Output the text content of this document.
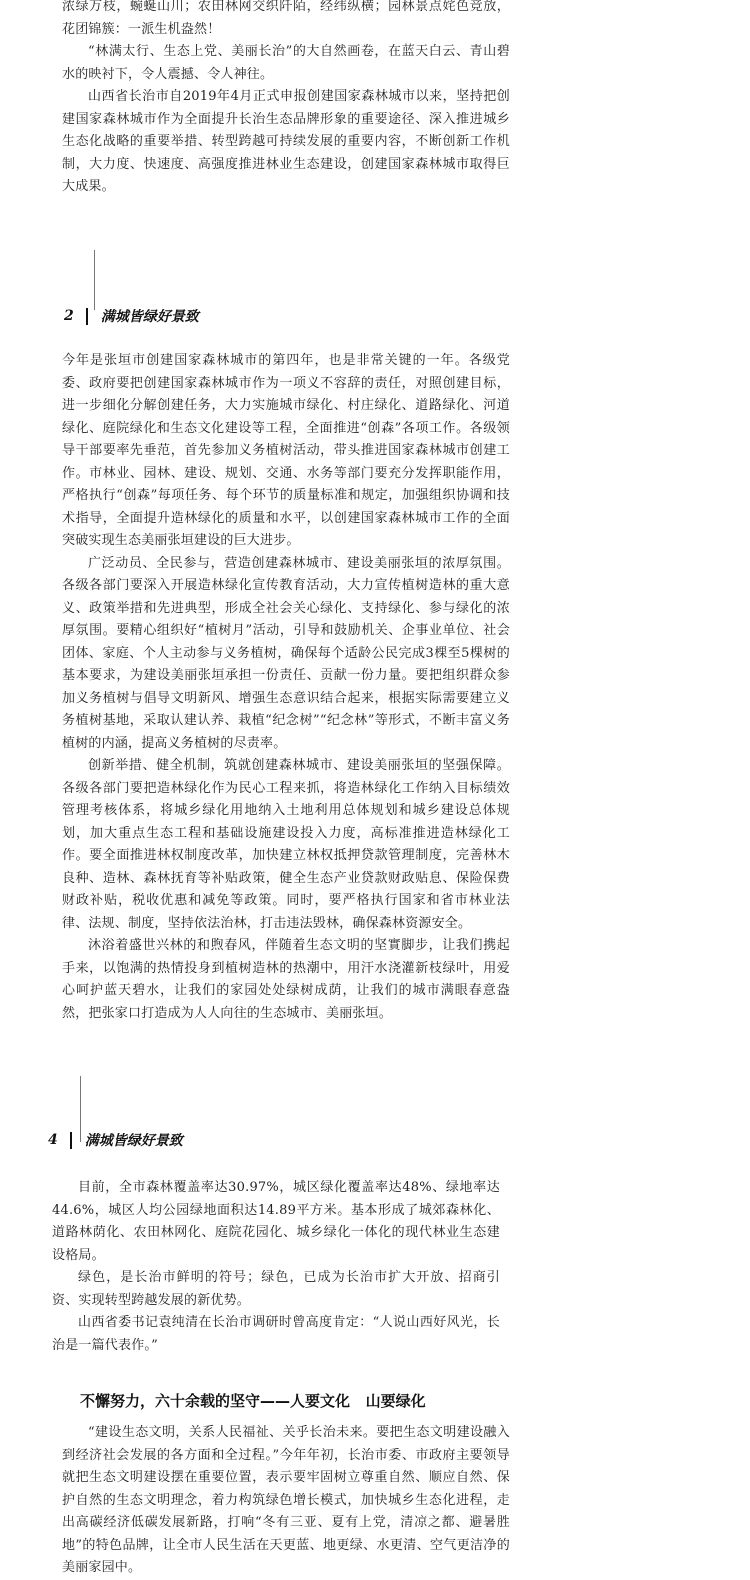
浓绿万枝，蜿蜒山川；农田林网交织阡陌，经纬纵横；园林景点姹色竞放，花团锦簇：一派生机盎然！

“林满太行、生态上党、美丽长治”的大自然画卷，在蓝天白云、青山碧水的映衬下，令人震撼、令人神往。

山西省长治市自2019年4月正式申报创建国家森林城市以来，坚持把创建国家森林城市作为全面提升长治生态品牌形象的重要途径、深入推进城乡生态化战略的重要举措、转型跨越可持续发展的重要内容，不断创新工作机制，大力度、快速度、高强度推进林业生态建设，创建国家森林城市取得巨大成果。

2 满城皆绿好景致

今年是张垣市创建国家森林城市的第四年，也是非常关键的一年。各级党委、政府要把创建国家森林城市作为一项义不容辞的责任，对照创建目标，进一步细化分解创建任务，大力实施城市绿化、村庄绿化、道路绿化、河道绿化、庭院绿化和生态文化建设等工程，全面推进“创森”各项工作。各级领导干部要率先垂范，首先参加义务植树活动，带头推进国家森林城市创建工作。市林业、园林、建设、规划、交通、水务等部门要充分发挥职能作用，严格执行“创森”每项任务、每个环节的质量标准和规定，加强组织协调和技术指导，全面提升造林绿化的质量和水平，以创建国家森林城市工作的全面突破实现生态美丽张垣建设的巨大进步。

广泛动员、全民参与，营造创建森林城市、建设美丽张垣的浓厚氛围。各级各部门要深入开展造林绿化宣传教育活动，大力宣传植树造林的重大意义、政策举措和先进典型，形成全社会关心绿化、支持绿化、参与绿化的浓厚氛围。要精心组织好“植树月”活动，引导和鼓励机关、企事业单位、社会团体、家庭、个人主动参与义务植树，确保每个适龄公民完成3棵至5棵树的基本要求，为建设美丽张垣承担一份责任、贡献一份力量。要把组织群众参加义务植树与倡导文明新风、增强生态意识结合起来，根据实际需要建立义务植树基地，采取认建认养、栽植“纪念树”“纪念林”等形式，不断丰富义务植树的内涵，提高义务植树的尽责率。

创新举措、健全机制，筑就创建森林城市、建设美丽张垣的坚强保障。各级各部门要把造林绿化作为民心工程来抓，将造林绿化工作纳入目标绩效管理考核体系，将城乡绿化用地纳入土地利用总体规划和城乡建设总体规划，加大重点生态工程和基础设施建设投入力度，高标准推进造林绿化工作。要全面推进林权制度改革，加快建立林权抵押贷款管理制度，完善林木良种、造林、森林抚育等补贴政策，健全生态产业贷款财政贴息、保险保费财政补贴，税收优惠和减免等政策。同时，要严格执行国家和省市林业法律、法规、制度，坚持依法治林，打击违法毁林，确保森林资源安全。

沐浴着盛世兴林的和煦春风，伴随着生态文明的坚實脚步，让我们携起手来，以饱满的热情投身到植树造林的热潮中，用汗水浇灌新枝绿叶，用爱心呵护蓝天碧水，让我们的家园处处绿树成荫，让我们的城市满眼春意盎然，把张家口打造成为人人向往的生态城市、美丽张垣。

4 满城皆绿好景致

目前，全市森林覆盖率达30.97%，城区绿化覆盖率达48%、绿地率达44.6%，城区人均公园绿地面积达14.89平方米。基本形成了城郊森林化、道路林荫化、农田林网化、庭院花园化、城乡绿化一体化的现代林业生态建设格局。

绿色，是长治市鲜明的符号；绿色，已成为长治市扩大开放、招商引资、实现转型跨越发展的新优势。

山西省委书记袁纯清在长治市调研时曾高度肯定：“人说山西好风光，长治是一篇代表作。”

不懈努力，六十余载的坚守——人要文化   山要绿化

“建设生态文明，关系人民福祉、关乎长治未来。要把生态文明建设融入到经济社会发展的各方面和全过程。”今年年初，长治市委、市政府主要领导就把生态文明建设摆在重要位置，表示要牢固树立尊重自然、顺应自然、保护自然的生态文明理念，着力构筑绿色增长模式，加快城乡生态化进程，走出高碳经济低碳发展新路，打响“冬有三亚、夏有上党，清凉之都、避暑胜地”的特色品牌，让全市人民生活在天更蓝、地更绿、水更清、空气更洁净的美丽家园中。
